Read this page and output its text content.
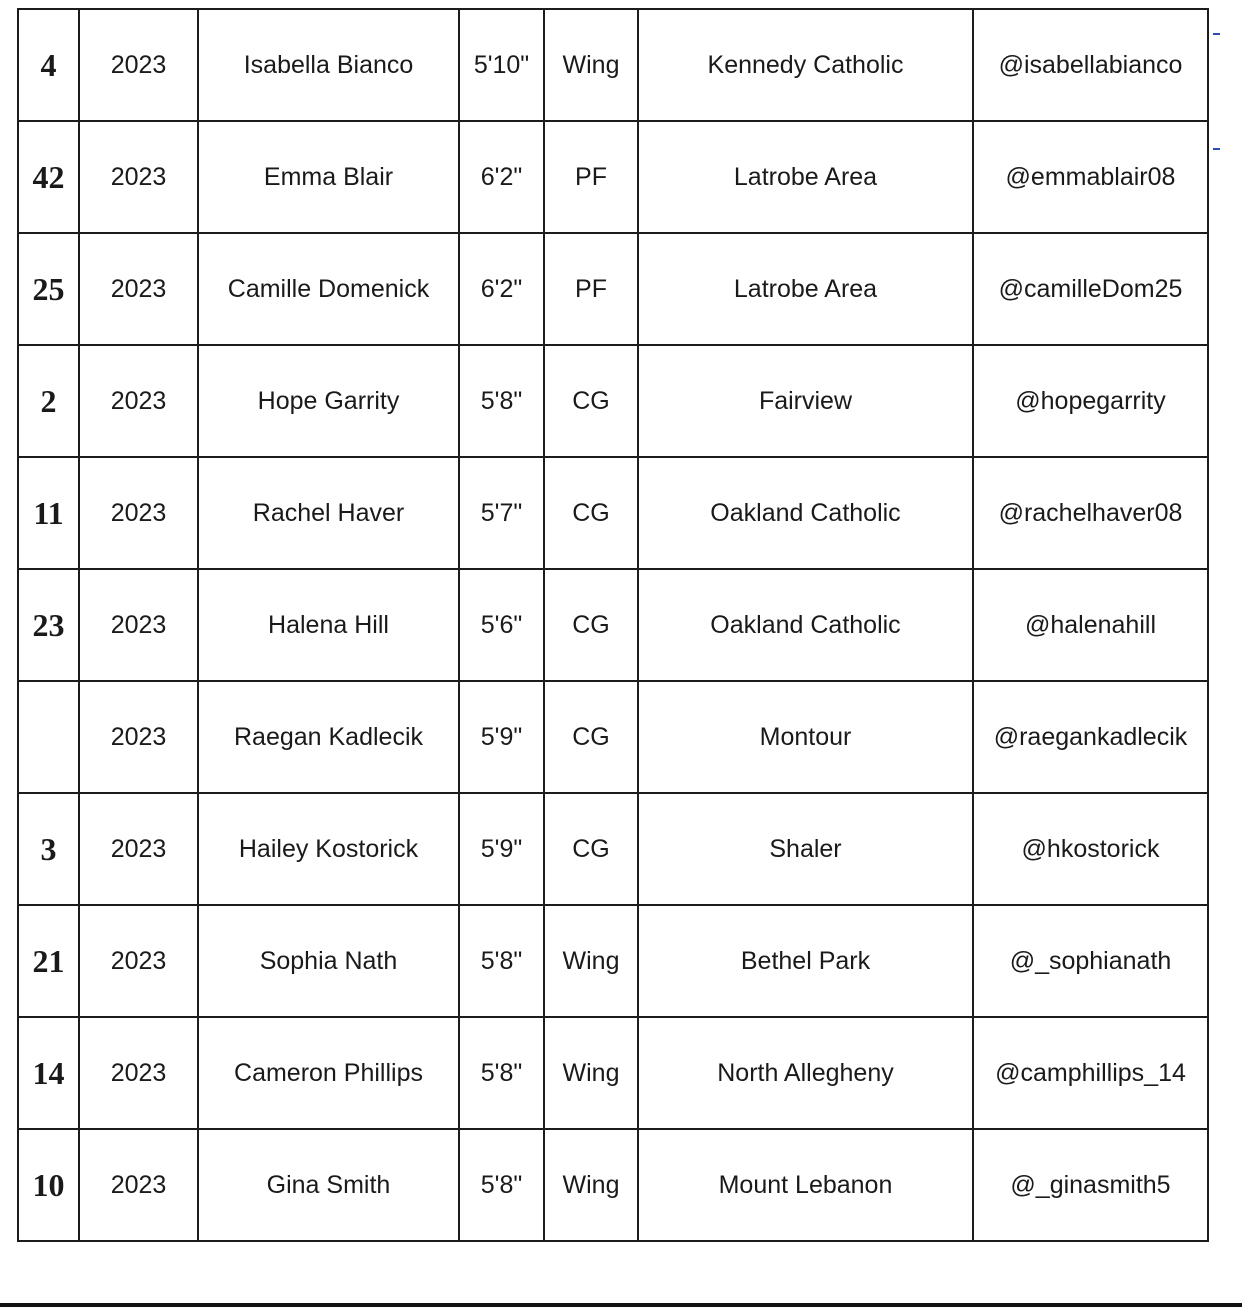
4	2023	Isabella Bianco	5'10"	Wing	Kennedy Catholic	@isabellabianco
42	2023	Emma Blair	6'2"	PF	Latrobe Area	@emmablair08
25	2023	Camille Domenick	6'2"	PF	Latrobe Area	@camilleDom25
2	2023	Hope Garrity	5'8"	CG	Fairview	@hopegarrity
11	2023	Rachel Haver	5'7"	CG	Oakland Catholic	@rachelhaver08
23	2023	Halena Hill	5'6"	CG	Oakland Catholic	@halenahill
	2023	Raegan Kadlecik	5'9"	CG	Montour	@raegankadlecik
3	2023	Hailey Kostorick	5'9"	CG	Shaler	@hkostorick
21	2023	Sophia Nath	5'8"	Wing	Bethel Park	@_sophianath
14	2023	Cameron Phillips	5'8"	Wing	North Allegheny	@camphillips_14
10	2023	Gina Smith	5'8"	Wing	Mount Lebanon	@_ginasmith5
